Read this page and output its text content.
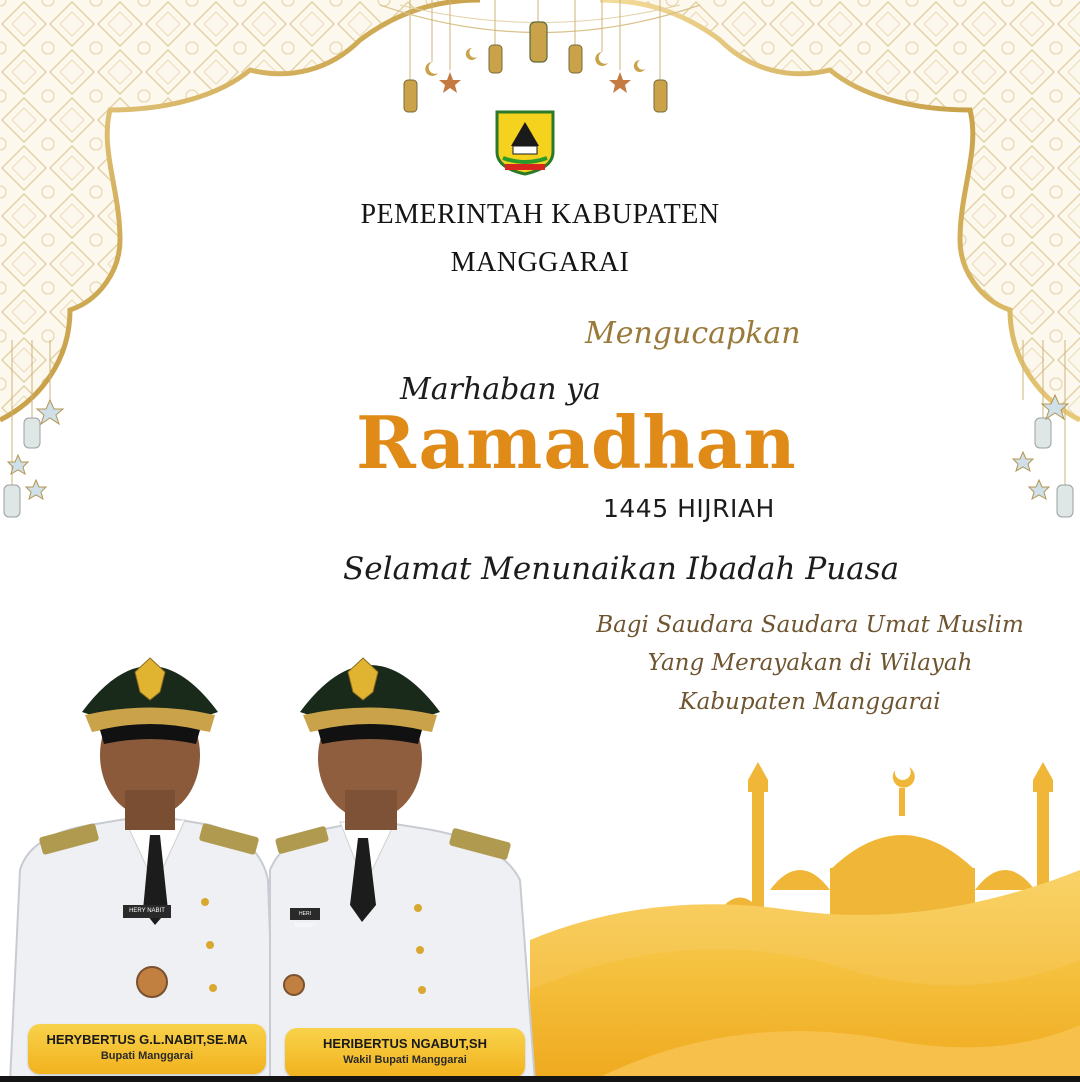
PEMERINTAH KABUPATEN
MANGGARAI
Mengucapkan
Marhaban ya
Ramadhan
1445 HIJRIAH
Selamat Menunaikan Ibadah Puasa
Bagi Saudara Saudara Umat Muslim
Yang Merayakan di Wilayah
Kabupaten Manggarai
HERY NABIT	HERI NGABUT
HERYBERTUS G.L.NABIT,SE.MA
Bupati Manggarai
HERIBERTUS NGABUT,SH
Wakil Bupati Manggarai
